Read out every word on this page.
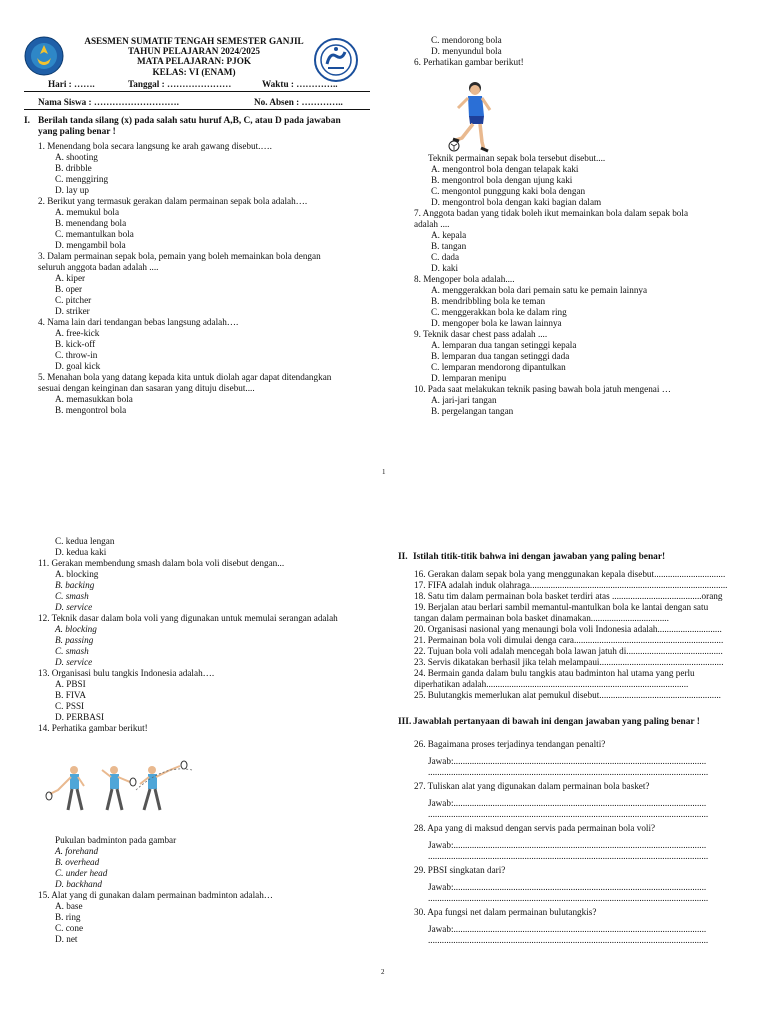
ASESMEN SUMATIF TENGAH SEMESTER GANJIL
TAHUN PELAJARAN 2024/2025
MATA PELAJARAN: PJOK
KELAS: VI (ENAM)
Hari : …….	Tanggal : …………………	Waktu : …………..
Nama Siswa : ……………………….	No. Absen : …………..
I. Berilah tanda silang (x) pada salah satu huruf A,B, C, atau D pada jawaban
yang paling benar !
1. Menendang bola secara langsung ke arah gawang disebut.….
A. shooting
B. dribble
C. menggiring
D. lay up
2. Berikut yang termasuk gerakan dalam permainan sepak bola adalah….
A. memukul bola
B. menendang bola
C. memantulkan bola
D. mengambil bola
3. Dalam permainan sepak bola, pemain yang boleh memainkan bola dengan
seluruh anggota badan adalah ....
A. kiper
B. oper
C. pitcher
D. striker
4. Nama lain dari tendangan bebas langsung adalah….
A. free-kick
B. kick-off
C. throw-in
D. goal kick
5. Menahan bola yang datang kepada kita untuk diolah agar dapat ditendangkan
sesuai dengan keinginan dan sasaran yang dituju disebut....
A. memasukkan bola
B. mengontrol bola
C. mendorong bola
D. menyundul bola
6. Perhatikan gambar berikut!
Teknik permainan sepak bola tersebut disebut....
A. mengontrol bola dengan telapak kaki
B. mengontrol bola dengan ujung kaki
C. mengontol punggung kaki bola dengan
D. mengontrol bola dengan kaki bagian dalam
7. Anggota badan yang tidak boleh ikut memainkan bola dalam sepak bola
adalah ....
A. kepala
B. tangan
C. dada
D. kaki
8. Mengoper bola adalah....
A. menggerakkan bola dari pemain satu ke pemain lainnya
B. mendribbling bola ke teman
C. menggerakkan bola ke dalam ring
D. mengoper bola ke lawan lainnya
9. Teknik dasar chest pass adalah ....
A. lemparan dua tangan setinggi kepala
B. lemparan dua tangan setinggi dada
C. lemparan mendorong dipantulkan
D. lemparan menipu
10. Pada saat melakukan teknik pasing bawah bola jatuh mengenai …
A. jari-jari tangan
B. pergelangan tangan
1
C. kedua lengan
D. kedua kaki
11. Gerakan membendung smash dalam bola voli disebut dengan...
A. blocking
B. backing
C. smash
D. service
12. Teknik dasar dalam bola voli yang digunakan untuk memulai serangan adalah
A. blocking
B. passing
C. smash
D. service
13. Organisasi bulu tangkis Indonesia adalah….
A. PBSI
B. FIVA
C. PSSI
D. PERBASI
14. Perhatika gambar berikut!
Pukulan badminton pada gambar
A. forehand
B. overhead
C. under head
D. backhand
15. Alat yang di gunakan dalam permainan badminton adalah…
A. base
B. ring
C. cone
D. net
II. Istilah titik-titik bahwa ini dengan jawaban yang paling benar!
16. Gerakan dalam sepak bola yang menggunakan kepala disebut...............................
17. FIFA adalah induk olahraga......................................................................................
18. Satu tim dalam permainan bola basket terdiri atas .......................................orang
19. Berjalan atau berlari sambil memantul-mantulkan bola ke lantai dengan satu
tangan dalam permainan bola basket dinamakan..................................
20. Organisasi nasional yang menaungi bola voli Indonesia adalah............................
21. Permainan bola voli dimulai denga cara.................................................................
22. Tujuan bola voli adalah mencegah bola lawan jatuh di..........................................
23. Servis dikatakan berhasil jika telah melampaui......................................................
24. Bermain ganda dalam bulu tangkis atau badminton hal utama yang perlu
diperhatikan adalah........................................................................................
25. Bulutangkis memerlukan alat pemukul disebut.....................................................
III. Jawablah pertanyaan di bawah ini dengan jawaban yang paling benar !
26. Bagaimana proses terjadinya tendangan penalti?
Jawab:..............................................................................................................
..........................................................................................................................
27. Tuliskan alat yang digunakan dalam permainan bola basket?
Jawab:..............................................................................................................
..........................................................................................................................
28. Apa yang di maksud dengan servis pada permainan bola voli?
Jawab:..............................................................................................................
..........................................................................................................................
29. PBSI singkatan dari?
Jawab:..............................................................................................................
..........................................................................................................................
30. Apa fungsi net dalam permainan bulutangkis?
Jawab:..............................................................................................................
..........................................................................................................................
2
